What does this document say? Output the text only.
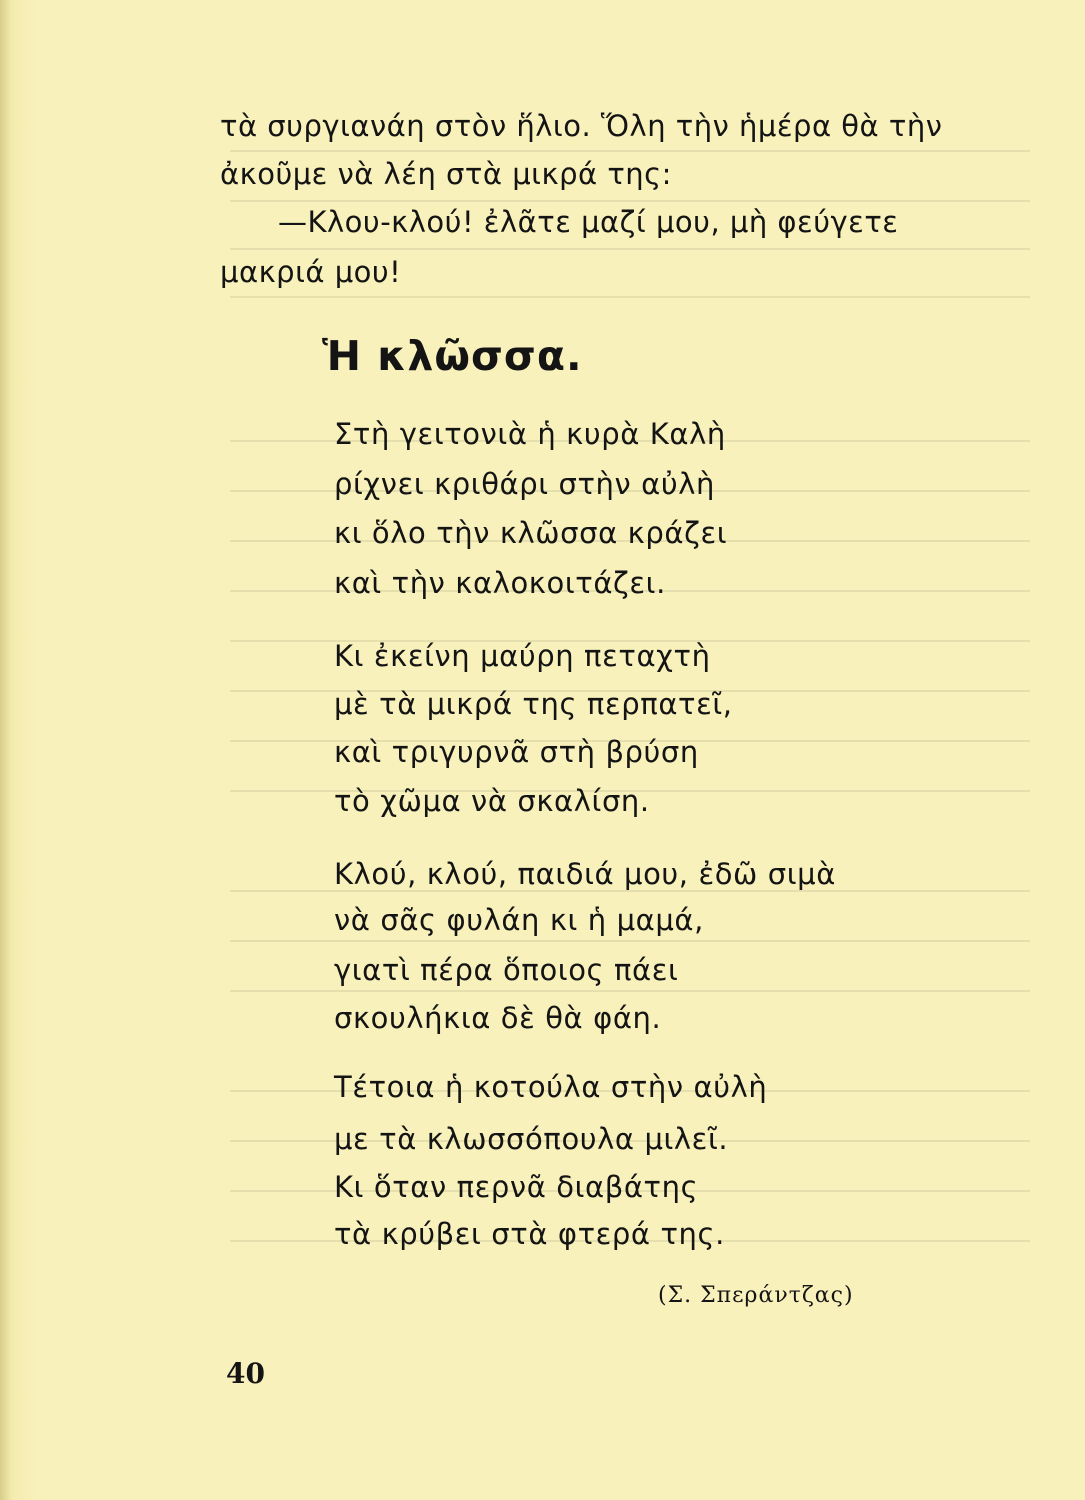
τὰ συργιανάη στὸν ἥλιο. Ὅλη τὴν ἡμέρα θὰ τὴν
ἀκοῦμε νὰ λέη στὰ μικρά της:
—Κλου-κλού! ἐλᾶτε μαζί μου, μὴ φεύγετε
μακριά μου!
Ἡ κλῶσσα.
Στὴ γειτονιὰ ἡ κυρὰ Καλὴ
ρίχνει κριθάρι στὴν αὐλὴ
κι ὅλο τὴν κλῶσσα κράζει
καὶ τὴν καλοκοιτάζει.
Κι ἐκείνη μαύρη πεταχτὴ
μὲ τὰ μικρά της περπατεῖ,
καὶ τριγυρνᾶ στὴ βρύση
τὸ χῶμα νὰ σκαλίση.
Κλού, κλού, παιδιά μου, ἐδῶ σιμὰ
νὰ σᾶς φυλάη κι ἡ μαμά,
γιατὶ πέρα ὅποιος πάει
σκουλήκια δὲ θὰ φάη.
Τέτοια ἡ κοτούλα στὴν αὐλὴ
με τὰ κλωσσόπουλα μιλεῖ.
Κι ὅταν περνᾶ διαβάτης
τὰ κρύβει στὰ φτερά της.
(Σ. Σπεράντζας)
40
